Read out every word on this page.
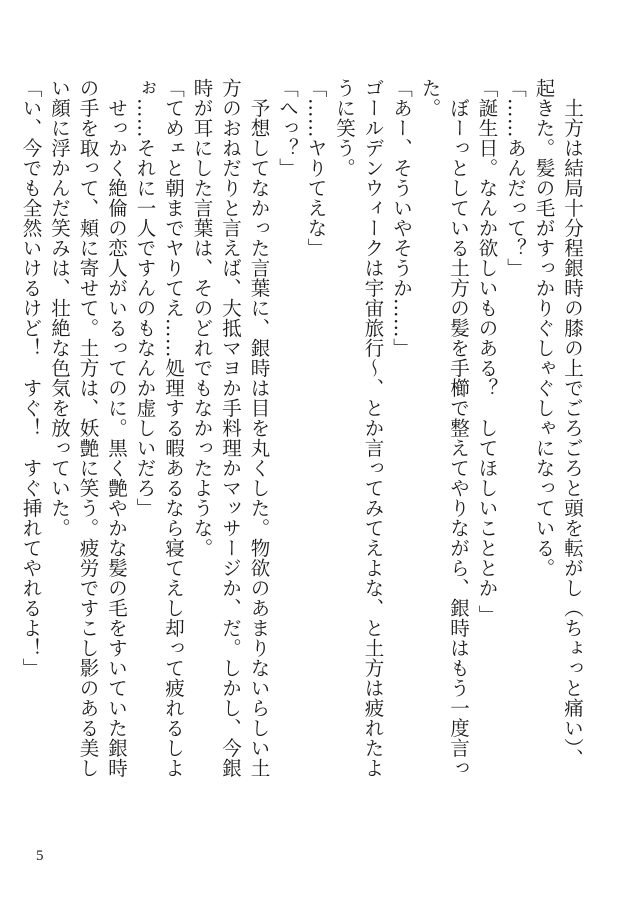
土方は結局十分程銀時の膝の上でごろごろと頭を転がし（ちょっと痛い）、起きた。髪の毛がすっかりぐしゃぐしゃになっている。

「……あんだって？」

「誕生日。なんか欲しいものある？　してほしいこととか 」

ぼーっとしている土方の髪を手櫛で整えてやりながら、銀時はもう一度言った。

「あー、そういやそうか……」

ゴールデンウィークは宇宙旅行～、とか言ってみてえよな、と土方は疲れたように笑う。

「……ヤりてえな」

「へっ？」

予想してなかった言葉に、銀時は目を丸くした。物欲のあまりないらしい土方のおねだりと言えば、大抵マヨか手料理かマッサージか、だ。しかし、今銀時が耳にした言葉は、そのどれでもなかったような。

「てめェと朝までヤりてえ……処理する暇あるなら寝てえし却って疲れるしよぉ……それに一人ですんのもなんか虚しいだろ」

せっかく絶倫の恋人がいるってのに。黒く艶やかな髪の毛をすいていた銀時の手を取って、頬に寄せて。土方は、妖艶に笑う。疲労ですこし影のある美しい顔に浮かんだ笑みは、壮絶な色気を放っていた。

「い、今でも全然いけるけど！　すぐ！　すぐ挿れてやれるよ！」

5
